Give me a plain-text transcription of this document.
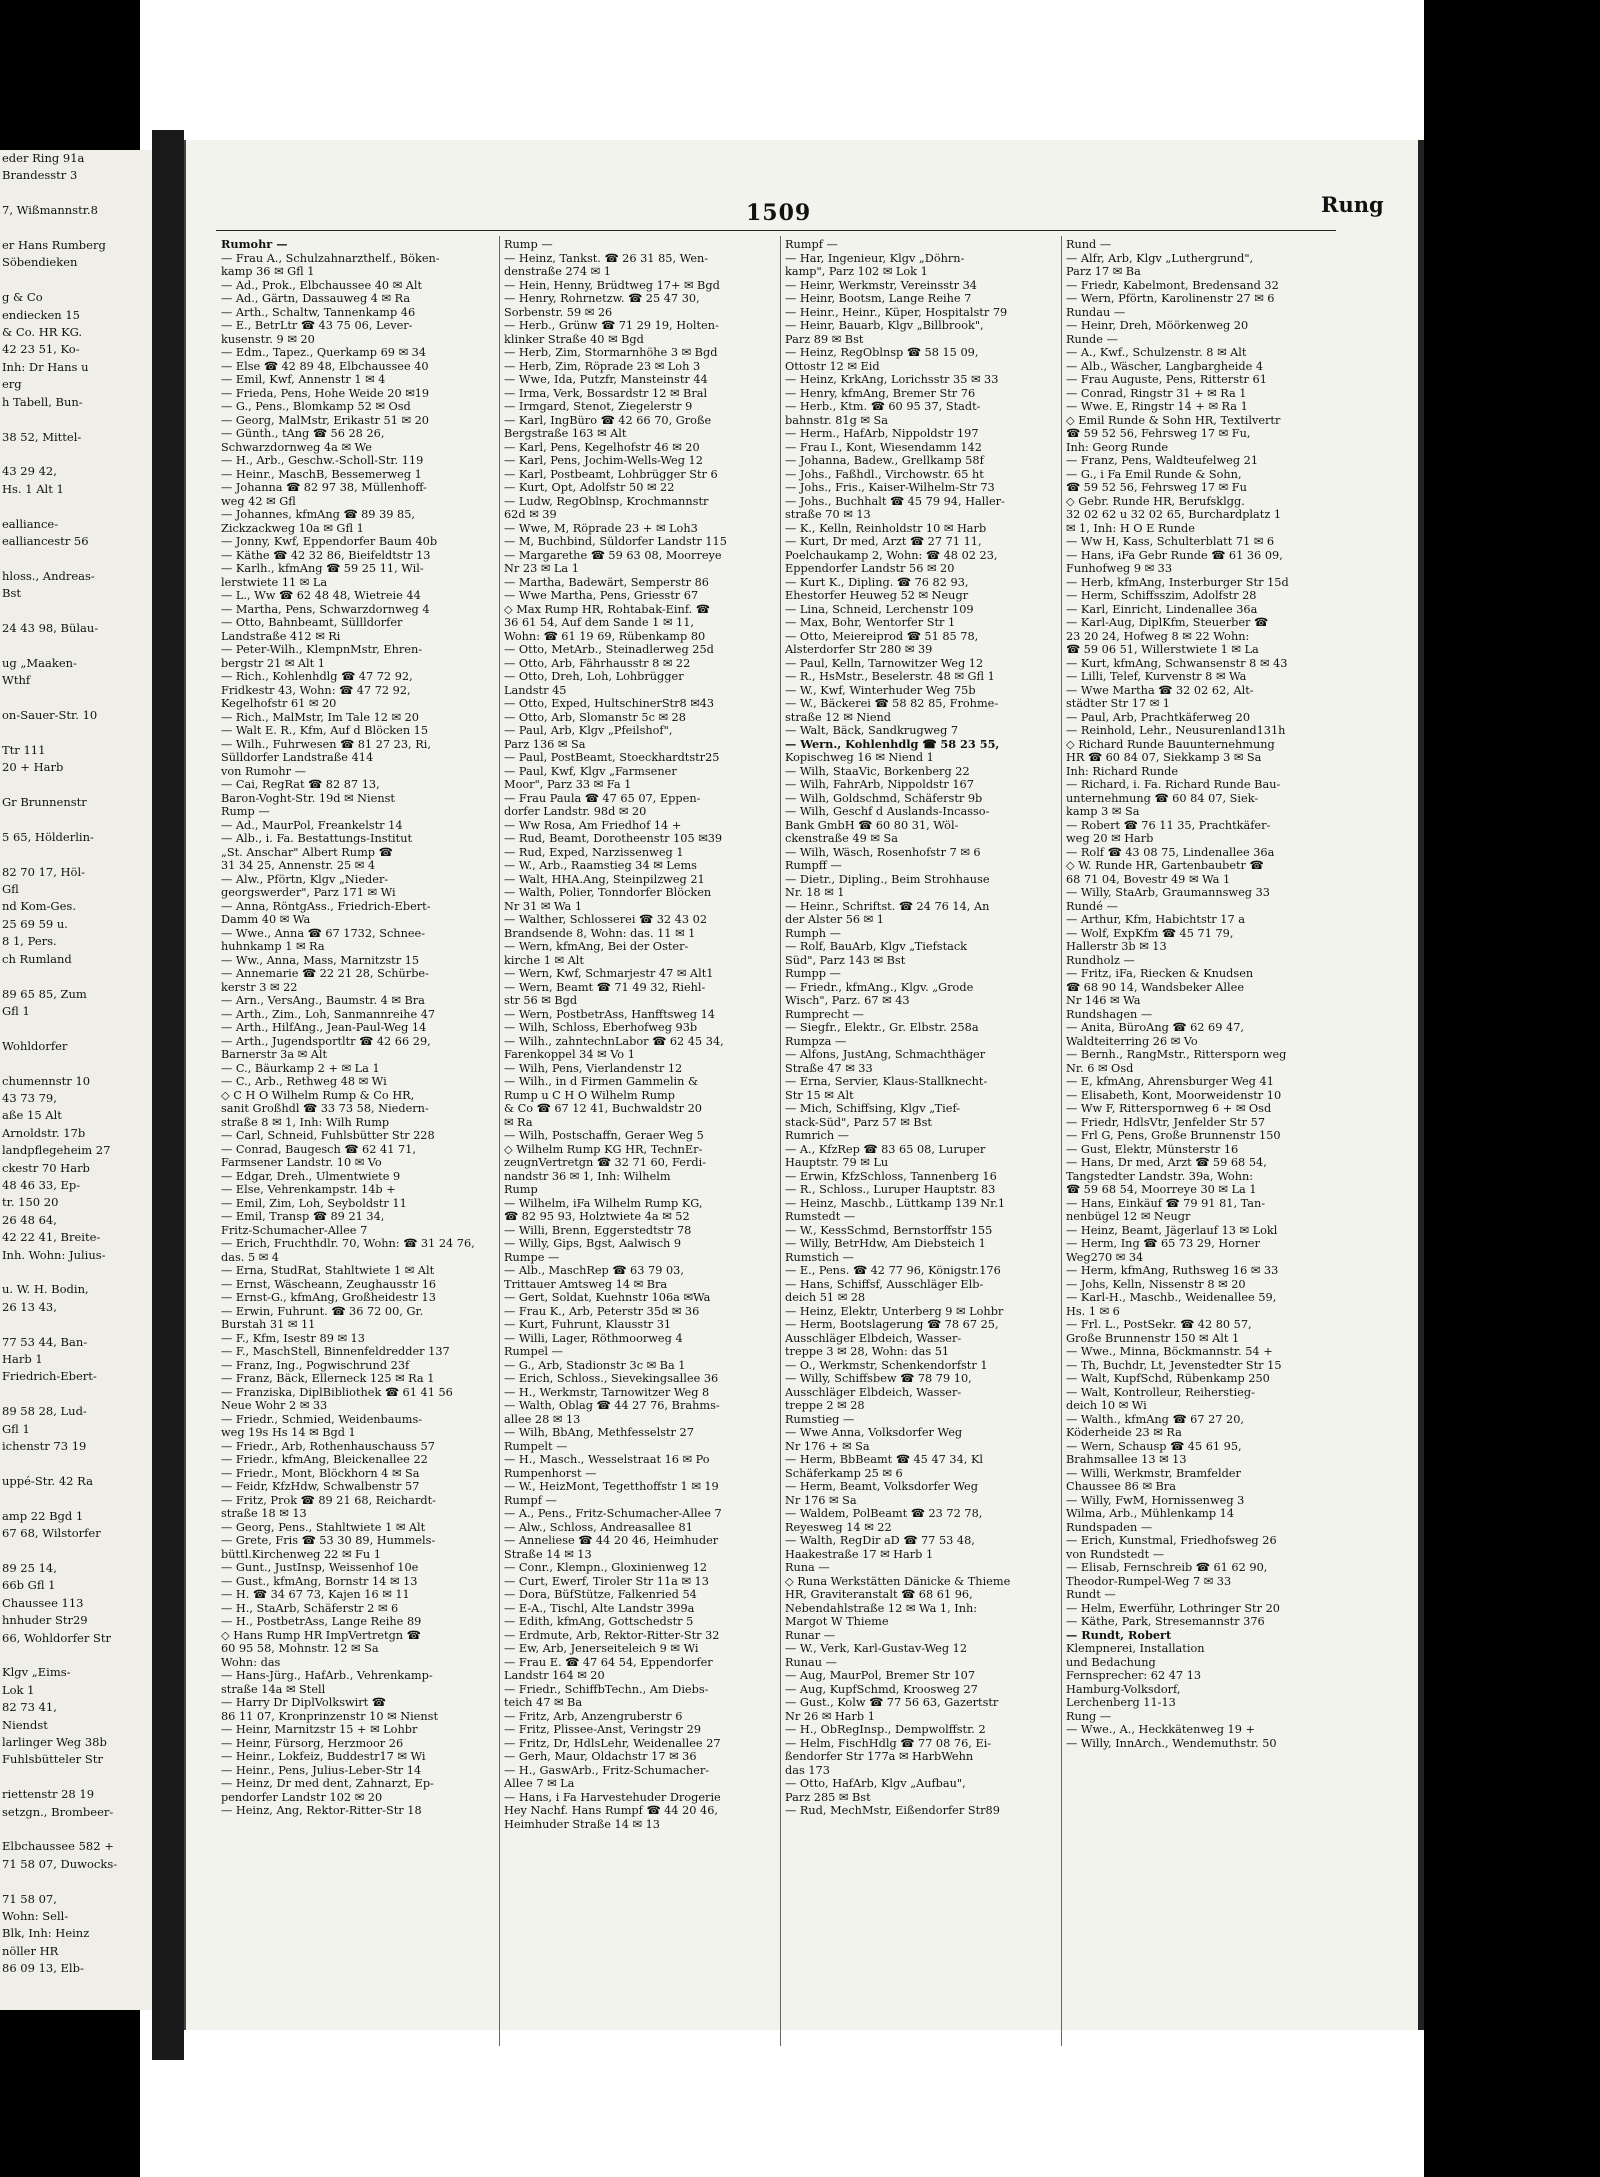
eder Ring 91a
Brandesstr 3

7, Wißmannstr.8

er Hans Rumberg
Söbendieken

g & Co
endiecken 15
& Co. HR KG.
42 23 51, Ko-
Inh: Dr Hans u
erg
h Tabell, Bun-

38 52, Mittel-

43 29 42,
Hs. 1 Alt 1

ealliance-
ealliancestr 56

hloss., Andreas-
Bst

24 43 98, Bülau-

ug „Maaken-
Wthf

on-Sauer-Str. 10

Ttr 111
20 + Harb

Gr Brunnenstr

5 65, Hölderlin-

82 70 17, Höl-
Gfl
nd Kom-Ges.
25 69 59 u.
8 1, Pers.
ch Rumland

89 65 85, Zum
Gfl 1

Wohldorfer

chumennstr 10
43 73 79,
aße 15 Alt
Arnoldstr. 17b
landpflegeheim 27
ckestr 70 Harb
48 46 33, Ep-
tr. 150 20
26 48 64,
42 22 41, Breite-
Inh. Wohn: Julius-

u. W. H. Bodin,
26 13 43,

77 53 44, Ban-
Harb 1
Friedrich-Ebert-

89 58 28, Lud-
Gfl 1
ichenstr 73 19

uppé-Str. 42 Ra

amp 22 Bgd 1
67 68, Wilstorfer

89 25 14,
66b Gfl 1
Chaussee 113
hnhuder Str29
66, Wohldorfer Str

Klgv „Eims-
Lok 1
82 73 41,
Niendst
larlinger Weg 38b
Fuhlsbütteler Str

riettenstr 28 19
setzgn., Brombeer-

Elbchaussee 582 +
71 58 07, Duwocks-

71 58 07,
Wohn: Sell-
Blk, Inh: Heinz
nöller HR
86 09 13, Elb-

1509	Rung
Rumohr —
— Frau A., Schulzahnarzthelf., Böken-
kamp 36 ✉ Gfl 1
— Ad., Prok., Elbchaussee 40 ✉ Alt
— Ad., Gärtn, Dassauweg 4 ✉ Ra
— Arth., Schaltw, Tannenkamp 46
— E., BetrLtr ☎ 43 75 06, Lever-
kusenstr. 9 ✉ 20
— Edm., Tapez., Querkamp 69 ✉ 34
— Else ☎ 42 89 48, Elbchaussee 40
— Emil, Kwf, Annenstr 1 ✉ 4
— Frieda, Pens, Hohe Weide 20 ✉19
— G., Pens., Blomkamp 52 ✉ Osd
— Georg, MalMstr, Erikastr 51 ✉ 20
— Günth., tAng ☎ 56 28 26,
Schwarzdornweg 4a ✉ We
— H., Arb., Geschw.-Scholl-Str. 119
— Heinr., MaschB, Bessemerweg 1
— Johanna ☎ 82 97 38, Müllenhoff-
weg 42 ✉ Gfl
— Johannes, kfmAng ☎ 89 39 85,
Zickzackweg 10a ✉ Gfl 1
— Jonny, Kwf, Eppendorfer Baum 40b
— Käthe ☎ 42 32 86, Bieifeldtstr 13
— Karlh., kfmAng ☎ 59 25 11, Wil-
lerstwiete 11 ✉ La
— L., Ww ☎ 62 48 48, Wietreie 44
— Martha, Pens, Schwarzdornweg 4
— Otto, Bahnbeamt, Süllldorfer
Landstraße 412 ✉ Ri
— Peter-Wilh., KlempnMstr, Ehren-
bergstr 21 ✉ Alt 1
— Rich., Kohlenhdlg ☎ 47 72 92,
Fridkestr 43, Wohn: ☎ 47 72 92,
Kegelhofstr 61 ✉ 20
— Rich., MalMstr, Im Tale 12 ✉ 20
— Walt E. R., Kfm, Auf d Blöcken 15
— Wilh., Fuhrwesen ☎ 81 27 23, Ri,
Sülldorfer Landstraße 414
von Rumohr —
— Cai, RegRat ☎ 82 87 13,
Baron-Voght-Str. 19d ✉ Nienst
Rump —
— Ad., MaurPol, Freankelstr 14
— Alb., i. Fa. Bestattungs-Institut
„St. Anschar" Albert Rump ☎
31 34 25, Annenstr. 25 ✉ 4
— Alw., Pförtn, Klgv „Nieder-
georgswerder", Parz 171 ✉ Wi
— Anna, RöntgAss., Friedrich-Ebert-
Damm 40 ✉ Wa
— Wwe., Anna ☎ 67 1732, Schnee-
huhnkamp 1 ✉ Ra
— Ww., Anna, Mass, Marnitzstr 15
— Annemarie ☎ 22 21 28, Schürbe-
kerstr 3 ✉ 22
— Arn., VersAng., Baumstr. 4 ✉ Bra
— Arth., Zim., Loh, Sanmannreihe 47
— Arth., HilfAng., Jean-Paul-Weg 14
— Arth., Jugendsportltr ☎ 42 66 29,
Barnerstr 3a ✉ Alt
— C., Bäurkamp 2 + ✉ La 1
— C., Arb., Rethweg 48 ✉ Wi
◇ C H O Wilhelm Rump & Co HR,
sanit Großhdl ☎ 33 73 58, Niedern-
straße 8 ✉ 1, Inh: Wilh Rump
— Carl, Schneid, Fuhlsbütter Str 228
— Conrad, Baugesch ☎ 62 41 71,
Farmsener Landstr. 10 ✉ Vo
— Edgar, Dreh., Ulmentwiete 9
— Else, Vehrenkampstr. 14b +
— Emil, Zim, Loh, Seyboldstr 11
— Emil, Transp ☎ 89 21 34,
Fritz-Schumacher-Allee 7
— Erich, Fruchthdlr. 70, Wohn: ☎ 31 24 76,
das. 5 ✉ 4
— Erna, StudRat, Stahltwiete 1 ✉ Alt
— Ernst, Wäscheann, Zeughausstr 16
— Ernst-G., kfmAng, Großheidestr 13
— Erwin, Fuhrunt. ☎ 36 72 00, Gr.
Burstah 31 ✉ 11
— F., Kfm, Isestr 89 ✉ 13
— F., MaschStell, Binnenfeldredder 137
— Franz, Ing., Pogwischrund 23f
— Franz, Bäck, Ellerneck 125 ✉ Ra 1
— Franziska, DiplBibliothek ☎ 61 41 56
Neue Wohr 2 ✉ 33
— Friedr., Schmied, Weidenbaums-
weg 19s Hs 14 ✉ Bgd 1
— Friedr., Arb, Rothenhauschauss 57
— Friedr., kfmAng, Bleickenallee 22
— Friedr., Mont, Blöckhorn 4 ✉ Sa
— Feidr, KfzHdw, Schwalbenstr 57
— Fritz, Prok ☎ 89 21 68, Reichardt-
straße 18 ✉ 13
— Georg, Pens., Stahltwiete 1 ✉ Alt
— Grete, Fris ☎ 53 30 89, Hummels-
büttl.Kirchenweg 22 ✉ Fu 1
— Gunt., JustInsp, Weissenhof 10e
— Gust., kfmAng, Bornstr 14 ✉ 13
— H. ☎ 34 67 73, Kajen 16 ✉ 11
— H., StaArb, Schäferstr 2 ✉ 6
— H., PostbetrAss, Lange Reihe 89
◇ Hans Rump HR ImpVertretgn ☎
60 95 58, Mohnstr. 12 ✉ Sa
Wohn: das
— Hans-Jürg., HafArb., Vehrenkamp-
straße 14a ✉ Stell
— Harry Dr DiplVolkswirt ☎
86 11 07, Kronprinzenstr 10 ✉ Nienst
— Heinr, Marnitzstr 15 + ✉ Lohbr
— Heinr, Fürsorg, Herzmoor 26
— Heinr., Lokfeiz, Buddestr17 ✉ Wi
— Heinr., Pens, Julius-Leber-Str 14
— Heinz, Dr med dent, Zahnarzt, Ep-
pendorfer Landstr 102 ✉ 20
— Heinz, Ang, Rektor-Ritter-Str 18
Rump —
— Heinz, Tankst. ☎ 26 31 85, Wen-
denstraße 274 ✉ 1
— Hein, Henny, Brüdtweg 17+ ✉ Bgd
— Henry, Rohrnetzw. ☎ 25 47 30,
Sorbenstr. 59 ✉ 26
— Herb., Grünw ☎ 71 29 19, Holten-
klinker Straße 40 ✉ Bgd
— Herb, Zim, Stormarnhöhe 3 ✉ Bgd
— Herb, Zim, Röprade 23 ✉ Loh 3
— Wwe, Ida, Putzfr, Mansteinstr 44
— Irma, Verk, Bossardstr 12 ✉ Bral
— Irmgard, Stenot, Ziegelerstr 9
— Karl, IngBüro ☎ 42 66 70, Große
Bergstraße 163 ✉ Alt
— Karl, Pens, Kegelhofstr 46 ✉ 20
— Karl, Pens, Jochim-Wells-Weg 12
— Karl, Postbeamt, Lohbrügger Str 6
— Kurt, Opt, Adolfstr 50 ✉ 22
— Ludw, RegOblnsp, Krochmannstr
62d ✉ 39
— Wwe, M, Röprade 23 + ✉ Loh3
— M, Buchbind, Süldorfer Landstr 115
— Margarethe ☎ 59 63 08, Moorreye
Nr 23 ✉ La 1
— Martha, Badewärt, Semperstr 86
— Wwe Martha, Pens, Griesstr 67
◇ Max Rump HR, Rohtabak-Einf. ☎
36 61 54, Auf dem Sande 1 ✉ 11,
Wohn: ☎ 61 19 69, Rübenkamp 80
— Otto, MetArb., Steinadlerweg 25d
— Otto, Arb, Fährhausstr 8 ✉ 22
— Otto, Dreh, Loh, Lohbrügger
Landstr 45
— Otto, Exped, HultschinerStr8 ✉43
— Otto, Arb, Slomanstr 5c ✉ 28
— Paul, Arb, Klgv „Pfeilshof",
Parz 136 ✉ Sa
— Paul, PostBeamt, Stoeckhardtstr25
— Paul, Kwf, Klgv „Farmsener
Moor", Parz 33 ✉ Fa 1
— Frau Paula ☎ 47 65 07, Eppen-
dorfer Landstr. 98d ✉ 20
— Ww Rosa, Am Friedhof 14 +
— Rud, Beamt, Dorotheenstr 105 ✉39
— Rud, Exped, Narzissenweg 1
— W., Arb., Raamstieg 34 ✉ Lems
— Walt, HHA.Ang, Steinpilzweg 21
— Walth, Polier, Tonndorfer Blöcken
Nr 31 ✉ Wa 1
— Walther, Schlosserei ☎ 32 43 02
Brandsende 8, Wohn: das. 11 ✉ 1
— Wern, kfmAng, Bei der Oster-
kirche 1 ✉ Alt
— Wern, Kwf, Schmarjestr 47 ✉ Alt1
— Wern, Beamt ☎ 71 49 32, Riehl-
str 56 ✉ Bgd
— Wern, PostbetrAss, Hanfftsweg 14
— Wilh, Schloss, Eberhofweg 93b
— Wilh., zahntechnLabor ☎ 62 45 34,
Farenkoppel 34 ✉ Vo 1
— Wilh, Pens, Vierlandenstr 12
— Wilh., in d Firmen Gammelin &
Rump u C H O Wilhelm Rump
& Co ☎ 67 12 41, Buchwaldstr 20
✉ Ra
— Wilh, Postschaffn, Geraer Weg 5
◇ Wilhelm Rump KG HR, TechnEr-
zeugnVertretgn ☎ 32 71 60, Ferdi-
nandstr 36 ✉ 1, Inh: Wilhelm
Rump
— Wilhelm, iFa Wilhelm Rump KG,
☎ 82 95 93, Holztwiete 4a ✉ 52
— Willi, Brenn, Eggerstedtstr 78
— Willy, Gips, Bgst, Aalwisch 9
Rumpe —
— Alb., MaschRep ☎ 63 79 03,
Trittauer Amtsweg 14 ✉ Bra
— Gert, Soldat, Kuehnstr 106a ✉Wa
— Frau K., Arb, Peterstr 35d ✉ 36
— Kurt, Fuhrunt, Klausstr 31
— Willi, Lager, Röthmoorweg 4
Rumpel —
— G., Arb, Stadionstr 3c ✉ Ba 1
— Erich, Schloss., Sievekingsallee 36
— H., Werkmstr, Tarnowitzer Weg 8
— Walth, Oblag ☎ 44 27 76, Brahms-
allee 28 ✉ 13
— Wilh, BbAng, Methfesselstr 27
Rumpelt —
— H., Masch., Wesselstraat 16 ✉ Po
Rumpenhorst —
— W., HeizMont, Tegetthoffstr 1 ✉ 19
Rumpf —
— A., Pens., Fritz-Schumacher-Allee 7
— Alw., Schloss, Andreasallee 81
— Anneliese ☎ 44 20 46, Heimhuder
Straße 14 ✉ 13
— Conr., Klempn., Gloxinienweg 12
— Curt, Ewerf, Tiroler Str 11a ✉ 13
— Dora, BüfStütze, Falkenried 54
— E-A., Tischl, Alte Landstr 399a
— Edith, kfmAng, Gottschedstr 5
— Erdmute, Arb, Rektor-Ritter-Str 32
— Ew, Arb, Jenerseiteleich 9 ✉ Wi
— Frau E. ☎ 47 64 54, Eppendorfer
Landstr 164 ✉ 20
— Friedr., SchiffbTechn., Am Diebs-
teich 47 ✉ Ba
— Fritz, Arb, Anzengruberstr 6
— Fritz, Plissee-Anst, Veringstr 29
— Fritz, Dr, HdlsLehr, Weidenallee 27
— Gerh, Maur, Oldachstr 17 ✉ 36
— H., GaswArb., Fritz-Schumacher-
Allee 7 ✉ La
— Hans, i Fa Harvestehuder Drogerie
Hey Nachf. Hans Rumpf ☎ 44 20 46,
Heimhuder Straße 14 ✉ 13
Rumpf —
— Har, Ingenieur, Klgv „Döhrn-
kamp", Parz 102 ✉ Lok 1
— Heinr, Werkmstr, Vereinsstr 34
— Heinr, Bootsm, Lange Reihe 7
— Heinr., Heinr., Küper, Hospitalstr 79
— Heinr, Bauarb, Klgv „Billbrook",
Parz 89 ✉ Bst
— Heinz, RegOblnsp ☎ 58 15 09,
Ottostr 12 ✉ Eid
— Heinz, KrkAng, Lorichsstr 35 ✉ 33
— Henry, kfmAng, Bremer Str 76
— Herb., Ktm. ☎ 60 95 37, Stadt-
bahnstr. 81g ✉ Sa
— Herm., HafArb, Nippoldstr 197
— Frau I., Kont, Wiesendamm 142
— Johanna, Badew., Grellkamp 58f
— Johs., Faßhdl., Virchowstr. 65 ht
— Johs., Fris., Kaiser-Wilhelm-Str 73
— Johs., Buchhalt ☎ 45 79 94, Haller-
straße 70 ✉ 13
— K., Kelln, Reinholdstr 10 ✉ Harb
— Kurt, Dr med, Arzt ☎ 27 71 11,
Poelchaukamp 2, Wohn: ☎ 48 02 23,
Eppendorfer Landstr 56 ✉ 20
— Kurt K., Dipling. ☎ 76 82 93,
Ehestorfer Heuweg 52 ✉ Neugr
— Lina, Schneid, Lerchenstr 109
— Max, Bohr, Wentorfer Str 1
— Otto, Meiereiprod ☎ 51 85 78,
Alsterdorfer Str 280 ✉ 39
— Paul, Kelln, Tarnowitzer Weg 12
— R., HsMstr., Beselerstr. 48 ✉ Gfl 1
— W., Kwf, Winterhuder Weg 75b
— W., Bäckerei ☎ 58 82 85, Frohme-
straße 12 ✉ Niend
— Walt, Bäck, Sandkrugweg 7
— Wern., Kohlenhdlg ☎ 58 23 55,
Kopischweg 16 ✉ Niend 1
— Wilh, StaaVic, Borkenberg 22
— Wilh, FahrArb, Nippoldstr 167
— Wilh, Goldschmd, Schäferstr 9b
— Wilh, Geschf d Auslands-Incasso-
Bank GmbH ☎ 60 80 31, Wöl-
ckenstraße 49 ✉ Sa
— Wilh, Wäsch, Rosenhofstr 7 ✉ 6
Rumpff —
— Dietr., Dipling., Beim Strohhause
Nr. 18 ✉ 1
— Heinr., Schriftst. ☎ 24 76 14, An
der Alster 56 ✉ 1
Rumph —
— Rolf, BauArb, Klgv „Tiefstack
Süd", Parz 143 ✉ Bst
Rumpp —
— Friedr., kfmAng., Klgv. „Grode
Wisch", Parz. 67 ✉ 43
Rumprecht —
— Siegfr., Elektr., Gr. Elbstr. 258a
Rumpza —
— Alfons, JustAng, Schmachthäger
Straße 47 ✉ 33
— Erna, Servier, Klaus-Stallknecht-
Str 15 ✉ Alt
— Mich, Schiffsing, Klgv „Tief-
stack-Süd", Parz 57 ✉ Bst
Rumrich —
— A., KfzRep ☎ 83 65 08, Luruper
Hauptstr. 79 ✉ Lu
— Erwin, KfzSchloss, Tannenberg 16
— R., Schloss., Luruper Hauptstr. 83
— Heinz, Maschb., Lüttkamp 139 Nr.1
Rumstedt —
— W., KessSchmd, Bernstorffstr 155
— Willy, BetrHdw, Am Diebsteich 1
Rumstich —
— E., Pens. ☎ 42 77 96, Königstr.176
— Hans, Schiffsf, Ausschläger Elb-
deich 51 ✉ 28
— Heinz, Elektr, Unterberg 9 ✉ Lohbr
— Herm, Bootslagerung ☎ 78 67 25,
Ausschläger Elbdeich, Wasser-
treppe 3 ✉ 28, Wohn: das 51
— O., Werkmstr, Schenkendorfstr 1
— Willy, Schiffsbew ☎ 78 79 10,
Ausschläger Elbdeich, Wasser-
treppe 2 ✉ 28
Rumstieg —
— Wwe Anna, Volksdorfer Weg
Nr 176 + ✉ Sa
— Herm, BbBeamt ☎ 45 47 34, Kl
Schäferkamp 25 ✉ 6
— Herm, Beamt, Volksdorfer Weg
Nr 176 ✉ Sa
— Waldem, PolBeamt ☎ 23 72 78,
Reyesweg 14 ✉ 22
— Walth, RegDir aD ☎ 77 53 48,
Haakestraße 17 ✉ Harb 1
Runa —
◇ Runa Werkstätten Dänicke & Thieme
HR, Graviteranstalt ☎ 68 61 96,
Nebendahlstraße 12 ✉ Wa 1, Inh:
Margot W Thieme
Runar —
— W., Verk, Karl-Gustav-Weg 12
Runau —
— Aug, MaurPol, Bremer Str 107
— Aug, KupfSchmd, Krooswеg 27
— Gust., Kolw ☎ 77 56 63, Gazertstr
Nr 26 ✉ Harb 1
— H., ObRegInsp., Dempwolffstr. 2
— Helm, FischHdlg ☎ 77 08 76, Ei-
ßendorfer Str 177a ✉ HarbWehn
das 173
— Otto, HafArb, Klgv „Aufbau",
Parz 285 ✉ Bst
— Rud, MechMstr, Eißendorfer Str89
Rund —
— Alfr, Arb, Klgv „Luthergrund",
Parz 17 ✉ Ba
— Friedr, Kabelmont, Bredensand 32
— Wern, Pförtn, Karolinenstr 27 ✉ 6
Rundau —
— Heinr, Dreh, Möörkenweg 20
Runde —
— A., Kwf., Schulzenstr. 8 ✉ Alt
— Alb., Wäscher, Langbargheide 4
— Frau Auguste, Pens, Ritterstr 61
— Conrad, Ringstr 31 + ✉ Ra 1
— Wwe. E, Ringstr 14 + ✉ Ra 1
◇ Emil Runde & Sohn HR, Textilvertr
☎ 59 52 56, Fehrsweg 17 ✉ Fu,
Inh: Georg Runde
— Franz, Pens, Waldteufelweg 21
— G., i Fa Emil Runde & Sohn,
☎ 59 52 56, Fehrsweg 17 ✉ Fu
◇ Gebr. Runde HR, Berufsklgg.
32 02 62 u 32 02 65, Burchardplatz 1
✉ 1, Inh: H O E Runde
— Ww H, Kass, Schulterblatt 71 ✉ 6
— Hans, iFa Gebr Runde ☎ 61 36 09,
Funhofweg 9 ✉ 33
— Herb, kfmAng, Insterburger Str 15d
— Herm, Schiffsszim, Adolfstr 28
— Karl, Einricht, Lindenallee 36a
— Karl-Aug, DiplKfm, Steuerber ☎
23 20 24, Hofweg 8 ✉ 22 Wohn:
☎ 59 06 51, Willerstwiete 1 ✉ La
— Kurt, kfmAng, Schwansenstr 8 ✉ 43
— Lilli, Telef, Kurvenstr 8 ✉ Wa
— Wwe Martha ☎ 32 02 62, Alt-
städter Str 17 ✉ 1
— Paul, Arb, Prachtkäferweg 20
— Reinhold, Lehr., Neusurenland131h
◇ Richard Runde Bauunternehmung
HR ☎ 60 84 07, Siekkamp 3 ✉ Sa
Inh: Richard Runde
— Richard, i. Fa. Richard Runde Bau-
unternehmung ☎ 60 84 07, Siek-
kamp 3 ✉ Sa
— Robert ☎ 76 11 35, Prachtkäfer-
weg 20 ✉ Harb
— Rolf ☎ 43 08 75, Lindenallee 36a
◇ W. Runde HR, Gartenbaubetr ☎
68 71 04, Bovestr 49 ✉ Wa 1
— Willy, StaArb, Graumannsweg 33
Rundé —
— Arthur, Kfm, Habichtstr 17 a
— Wolf, ExpKfm ☎ 45 71 79,
Hallerstr 3b ✉ 13
Rundholz —
— Fritz, iFa, Riecken & Knudsen
☎ 68 90 14, Wandsbeker Allee
Nr 146 ✉ Wa
Rundshagen —
— Anita, BüroAng ☎ 62 69 47,
Waldteiterring 26 ✉ Vo
— Bernh., RangMstr., Rittersporn weg
Nr. 6 ✉ Osd
— E, kfmAng, Ahrensburger Weg 41
— Elisabeth, Kont, Moorweidenstr 10
— Ww F, Ritterspornweg 6 + ✉ Osd
— Friedr, HdlsVtr, Jenfelder Str 57
— Frl G, Pens, Große Brunnenstr 150
— Gust, Elektr, Münsterstr 16
— Hans, Dr med, Arzt ☎ 59 68 54,
Tangstedter Landstr. 39a, Wohn:
☎ 59 68 54, Moorreye 30 ✉ La 1
— Hans, Einkäuf ☎ 79 91 81, Tan-
nenbügel 12 ✉ Neugr
— Heinz, Beamt, Jägerlauf 13 ✉ Lokl
— Herm, Ing ☎ 65 73 29, Horner
Weg270 ✉ 34
— Herm, kfmAng, Ruthsweg 16 ✉ 33
— Johs, Kelln, Nissenstr 8 ✉ 20
— Karl-H., Maschb., Weidenallee 59,
Hs. 1 ✉ 6
— Frl. L., PostSekr. ☎ 42 80 57,
Große Brunnenstr 150 ✉ Alt 1
— Wwe., Minna, Böckmannstr. 54 +
— Th, Buchdr, Lt, Jevenstedter Str 15
— Walt, KupfSchd, Rübenkamp 250
— Walt, Kontrolleur, Reiherstieg-
deich 10 ✉ Wi
— Walth., kfmAng ☎ 67 27 20,
Köderheide 23 ✉ Ra
— Wern, Schausp ☎ 45 61 95,
Brahmsallee 13 ✉ 13
— Willi, Werkmstr, Bramfelder
Chaussee 86 ✉ Bra
— Willy, FwM, Hornissenweg 3
Wilma, Arb., Mühlenkamp 14
Rundspaden —
— Erich, Kunstmal, Friedhofsweg 26
von Rundstedt —
— Elisab, Fernschreib ☎ 61 62 90,
Theodor-Rumpel-Weg 7 ✉ 33
Rundt —
— Helm, Ewerführ, Lothringer Str 20
— Käthe, Park, Stresemannstr 376
— Rundt, Robert
Klempnerei, Installation
und Bedachung
Fernsprecher: 62 47 13
Hamburg-Volksdorf,
Lerchenberg 11-13
Rung —
— Wwe., A., Heckkätenweg 19 +
— Willy, InnArch., Wendemuthstr. 50
